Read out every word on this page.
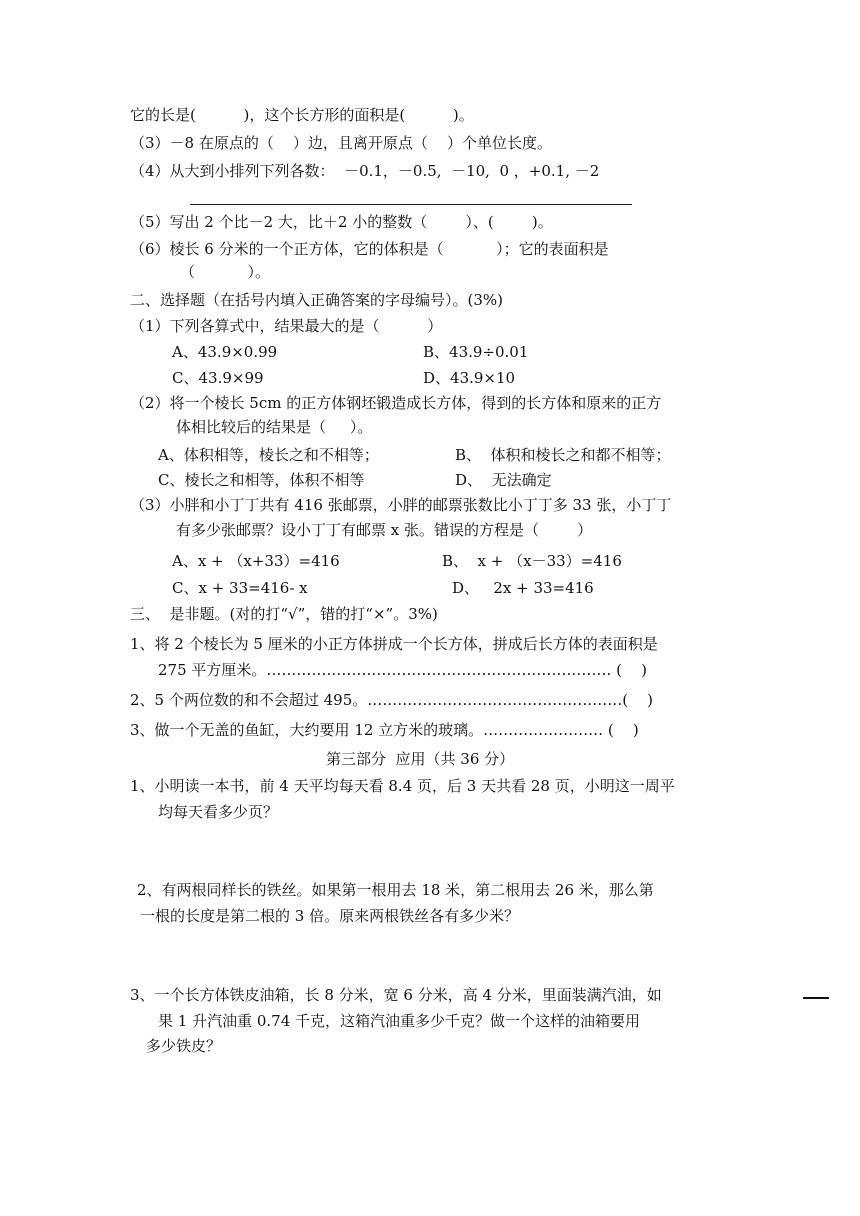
它的长是(          )，这个长方形的面积是(          )。
（3）－8 在原点的（    ）边，且离开原点（    ）个单位长度。
（4）从大到小排列下列各数：  －0.1，－0.5,  －10,  0 ，+0.1, －2
（5）写出 2 个比－2 大，比＋2 小的整数（        ）、(        )。
（6）棱长 6 分米的一个正方体，它的体积是（           ）；它的表面积是
（           ）。
二、选择题（在括号内填入正确答案的字母编号）。(3%)
（1）下列各算式中，结果最大的是（          ）
A、43.9×0.99	B、43.9÷0.01
C、43.9×99	D、43.9×10
（2）将一个棱长 5cm 的正方体钢坯锻造成长方体，得到的长方体和原来的正方
体相比较后的结果是（     ）。
A、体积相等，棱长之和不相等；	B、  体积和棱长之和都不相等；
C、棱长之和相等，体积不相等	D、  无法确定
（3）小胖和小丁丁共有 416 张邮票，小胖的邮票张数比小丁丁多 33 张，小丁丁
有多少张邮票？设小丁丁有邮票 x 张。错误的方程是（        ）
A、x + （x+33）=416	B、  x + （x－33）=416
C、x + 33=416- x	D、   2x + 33=416
三、  是非题。(对的打“√”，错的打“×”。3%)
1、将 2 个棱长为 5 厘米的小正方体拼成一个长方体，拼成后长方体的表面积是
275 平方厘米。…………………………………………………………… (    )
2、5 个两位数的和不会超过 495。……………………………………………(    )
3、做一个无盖的鱼缸，大约要用 12 立方米的玻璃。…………………… (    )
第三部分  应用（共 36 分）
1、小明读一本书，前 4 天平均每天看 8.4 页，后 3 天共看 28 页，小明这一周平
均每天看多少页？
2、有两根同样长的铁丝。如果第一根用去 18 米，第二根用去 26 米，那么第
一根的长度是第二根的 3 倍。原来两根铁丝各有多少米？
3、一个长方体铁皮油箱，长 8 分米，宽 6 分米，高 4 分米，里面装满汽油，如
果 1 升汽油重 0.74 千克，这箱汽油重多少千克？做一个这样的油箱要用
多少铁皮？
